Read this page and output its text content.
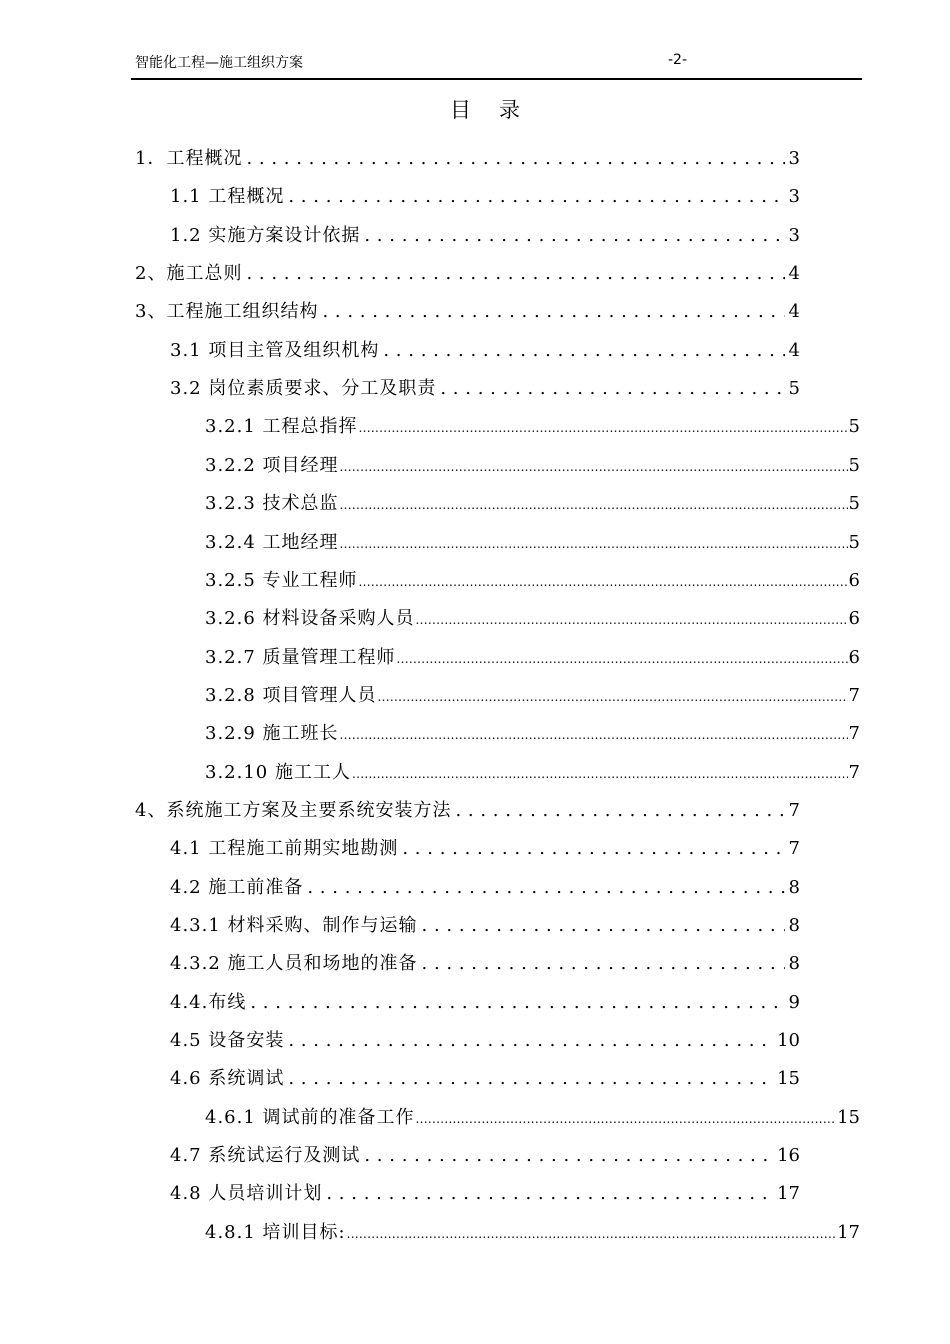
智能化工程—施工组织方案	-2-
目录
1．工程概况 . . .	3
1.1 工程概况 . . .	3
1.2 实施方案设计依据 . . .	3
2、施工总则 . . .	4
3、工程施工组织结构 . . .	4
3.1 项目主管及组织机构 . . .	4
3.2 岗位素质要求、分工及职责 . . .	5
3.2.1 工程总指挥 .....	5
3.2.2 项目经理 .....	5
3.2.3 技术总监 .....	5
3.2.4 工地经理 .....	5
3.2.5 专业工程师 .....	6
3.2.6 材料设备采购人员 .....	6
3.2.7 质量管理工程师 .....	6
3.2.8 项目管理人员 .....	7
3.2.9 施工班长 .....	7
3.2.10 施工工人 .....	7
4、系统施工方案及主要系统安装方法 . . .	7
4.1 工程施工前期实地勘测 . . .	7
4.2 施工前准备 . . .	8
4.3.1 材料采购、制作与运输 . . .	8
4.3.2 施工人员和场地的准备 . . .	8
4.4.布线 . . .	9
4.5 设备安装 . . .	10
4.6 系统调试 . . .	15
4.6.1 调试前的准备工作 .....	15
4.7 系统试运行及测试 . . .	16
4.8 人员培训计划 . . .	17
4.8.1 培训目标: .....	17
